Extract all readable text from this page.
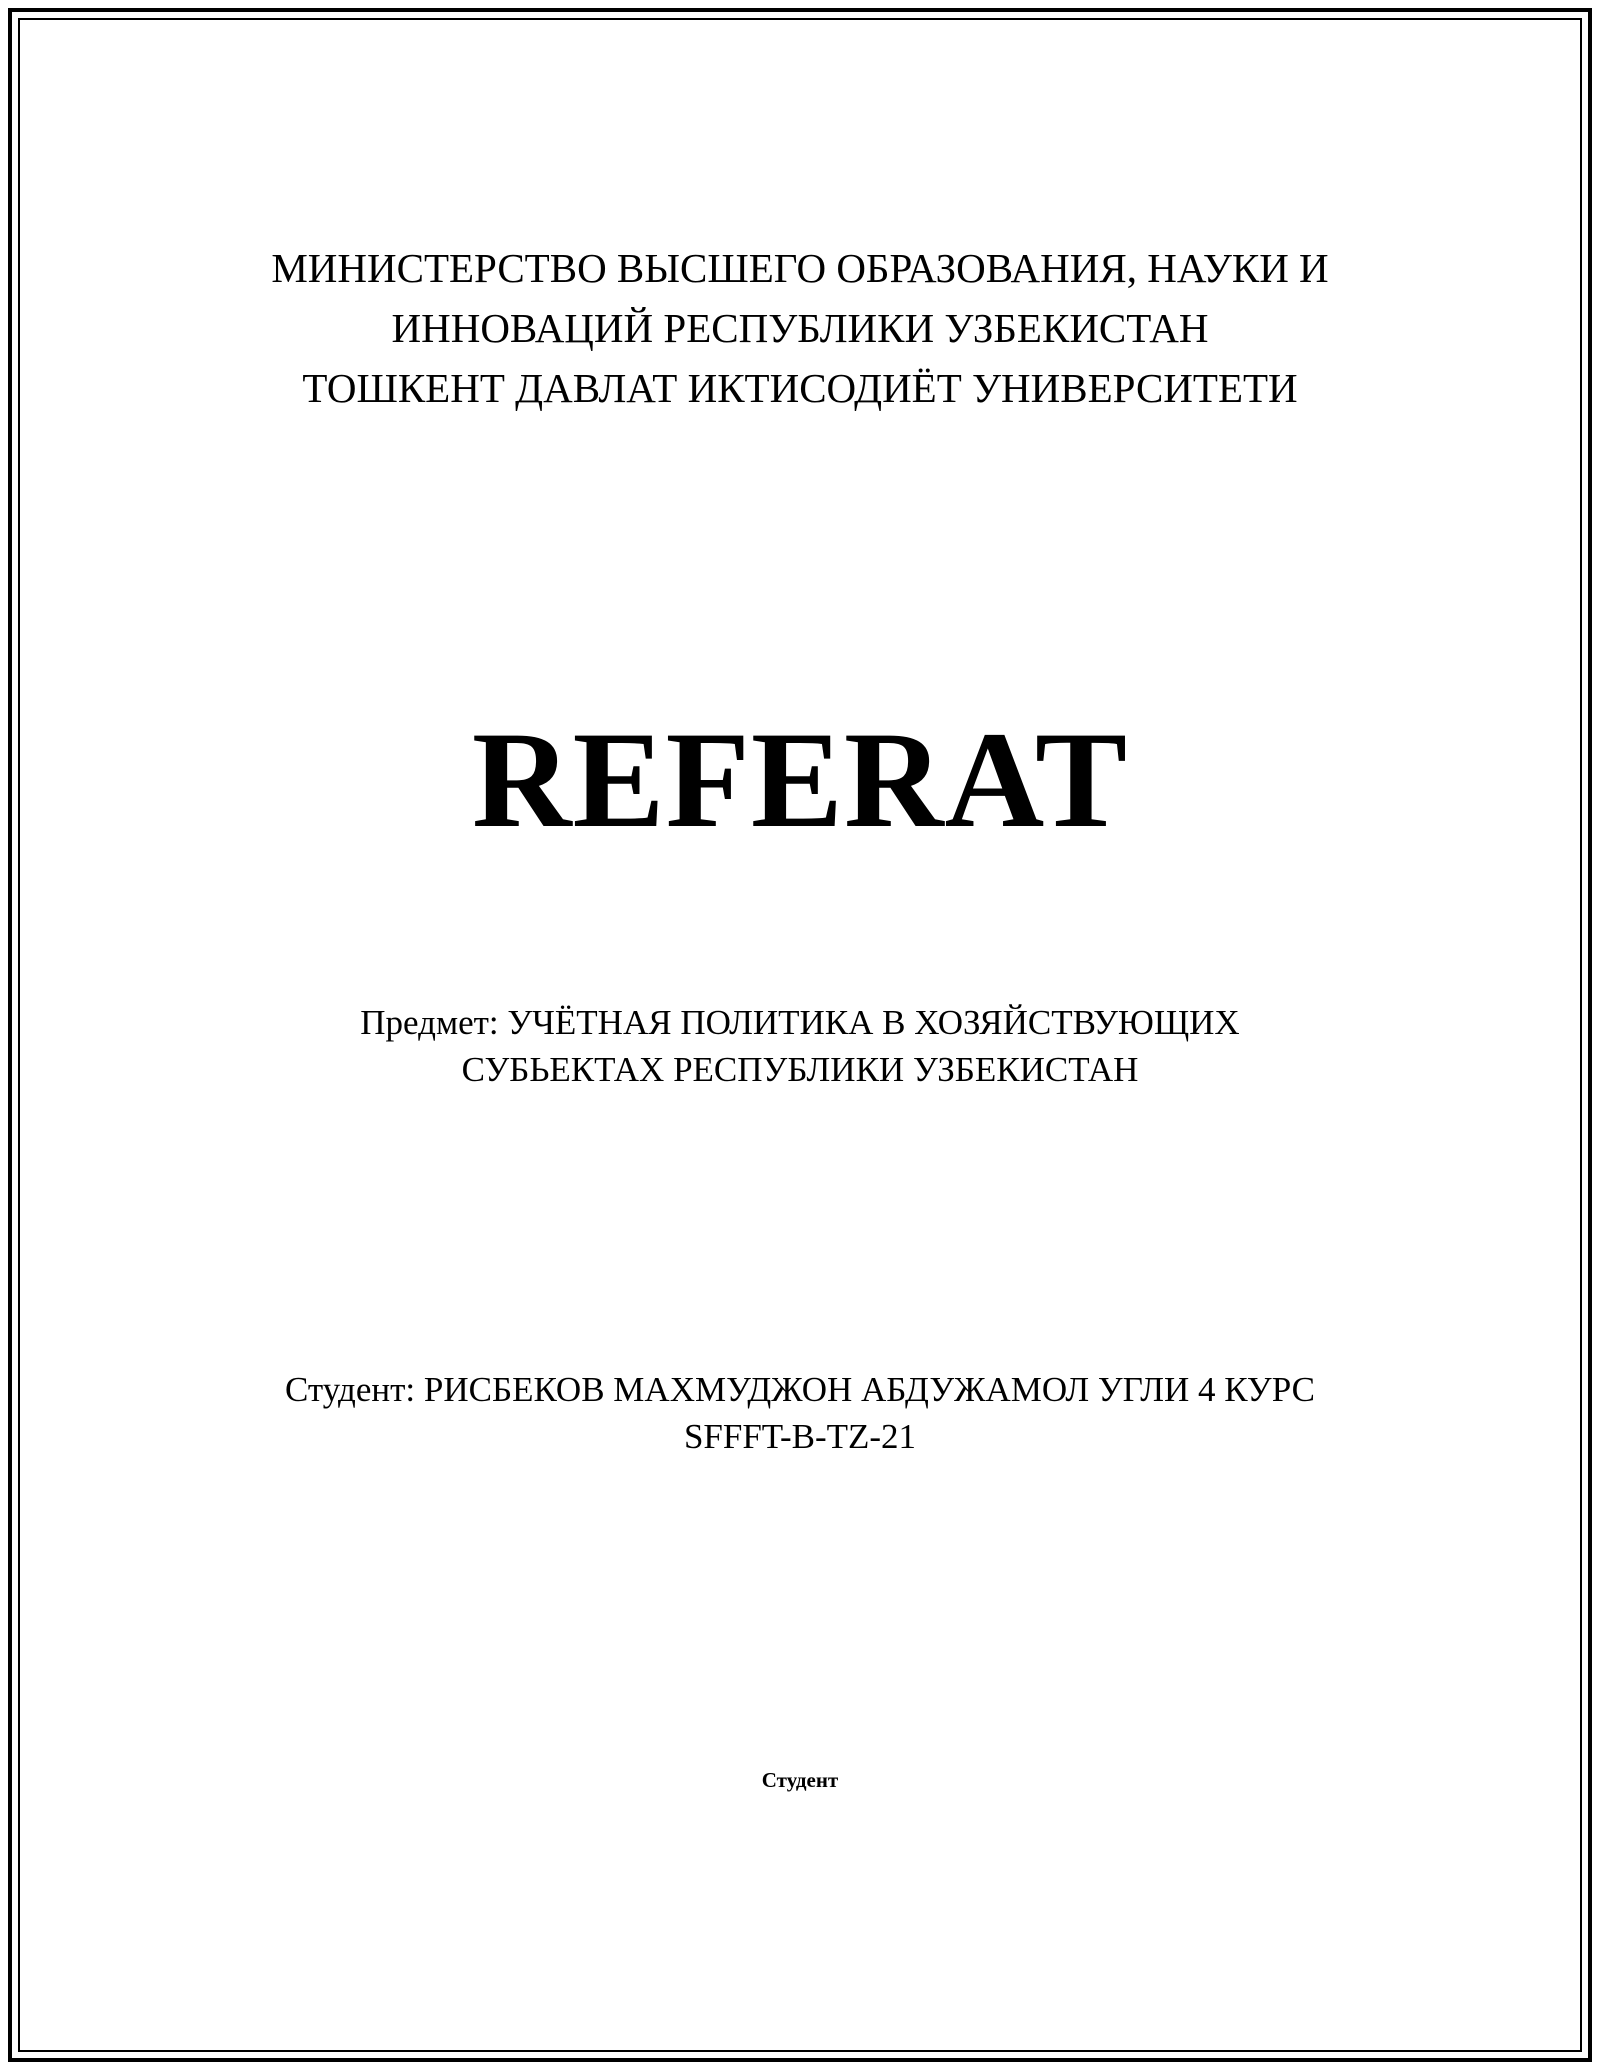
МИНИСТЕРСТВО ВЫСШЕГО ОБРАЗОВАНИЯ, НАУКИ И
ИННОВАЦИЙ РЕСПУБЛИКИ УЗБЕКИСТАН
ТОШКЕНТ ДАВЛАТ ИКТИСОДИЁТ УНИВЕРСИТЕТИ
REFERAT
Предмет: УЧЁТНАЯ ПОЛИТИКА В ХОЗЯЙСТВУЮЩИХ
СУБЬЕКТАХ РЕСПУБЛИКИ УЗБЕКИСТАН
Студент: РИСБЕКОВ МАХМУДЖОН АБДУЖАМОЛ УГЛИ 4 КУРС
SFFFT-B-TZ-21
Студент
